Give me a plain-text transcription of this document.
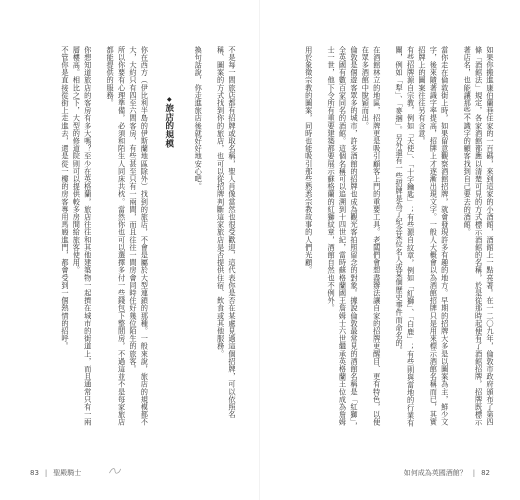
不是每一間旅店都有招牌或取名稱，聖人肖像當然也很受歡迎，這代表你是否在某處見過這個招牌，可以依照名稱、圖案的方式找到你的旅店，也可以從招牌判斷這家旅店是否提供住宿、飲食或其他服務。

換句話說，你走進旅店後就好好地安心吧。

◆旅店的規模

你在西方（伊比利半島的伊斯蘭地區除外）找到的旅店，不會是屬於大型連鎖的那種。一般來說，旅店的規模都不大，大約只有四至六間客房，有些甚至只有一兩間，而且往往一間房會同時住好幾位陌生的旅客。

所以你要有心理準備，必須和陌生人同床共枕。當然你也可以選擇多付一些錢包下整間房，不過這並不是每家旅店都能提供的服務。

你想知道旅店的客房有多大嗎？至少在英格蘭，旅店往往和其他建築物一起擠在城市的街道上，而且通常只有一兩層樓高。相比之下，大型的修道院則可以提供較多房間給旅客使用。

不管你是直接從街上走進去，還是從一樓的房客專用馬廄進門，都會受到一個熱情的招呼。

83 | 聖殿騎士

如果你搬進康伯蘭巷住家的一百碼，來到這家的小酒館，酒館上一點亮著。在一二〇九年，倫敦市政府頒布了第四條「酒館法」規定，各家酒館都應以清楚可見的方式標示酒館的名稱，於是從那時起便有了酒館招牌，招牌既標示著店名，也能讓那些不識字的顧客找到自己要去的酒館。

當你走在倫敦街上時，如果留意觀察酒館招牌，就會發現許多有趣的地方。早期的招牌大多是以圖案為主，鮮少文字，後來隨著識字率提高，招牌上才逐漸出現文字。一般人大概會以為酒館招牌只是用來標示酒館名稱而已，其實招牌上的圖案往往另有含意。

有些招牌源自宗教，例如「天使」、「十字鑰匙」；有些源自紋章，例如「紅獅」、「白鹿」；有些則與當地的行業有關，例如「犁」、「麥捆」。另外還有一些招牌是為了紀念某位名人或某個歷史事件而命名的。

在酒館林立的地區，招牌更是吸引顧客上門的重要工具。老闆們會想盡辦法讓自家的招牌更醒目、更有特色，以便在眾多酒館中脫穎而出。

倫敦是個遊客眾多的城市，許多酒館的招牌也成為觀光客拍照留念的對象。據說倫敦最常見的酒館名稱是「紅獅」，全英國有數百家同名的酒館。這個名稱可以追溯到十四世紀，當時蘇格蘭國王詹姆士六世繼承英格蘭王位成為詹姆士一世，他下令所有重要建築都要展示蘇格蘭的紅獅紋章，酒館自然也不例外。

用於象徵宗教的圖案，同時也能吸引那些熟悉宗教故事的人們光顧。

如何成為英國酒館？ | 82
